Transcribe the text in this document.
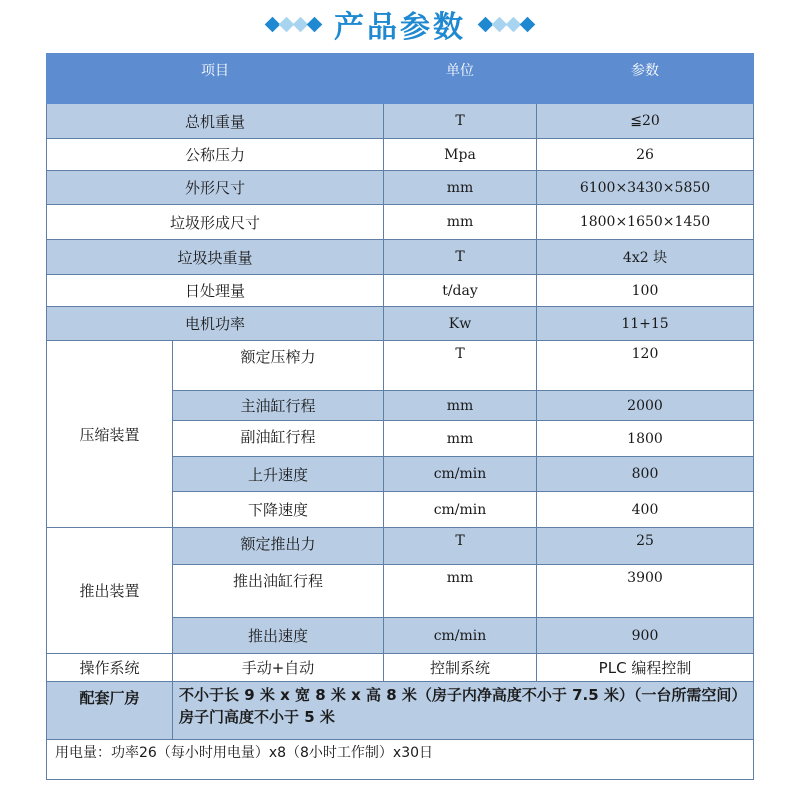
产品参数
项目		单位	参数
总机重量		T	≦20
公称压力		Mpa	26
外形尺寸		mm	6100×3430×5850
垃圾形成尺寸		mm	1800×1650×1450
垃圾块重量		T	4x2 块
日处理量		t/day	100
电机功率		Kw	11+15
压缩装置	额定压榨力	T	120
	主油缸行程	mm	2000
	副油缸行程	mm	1800
	上升速度	cm/min	800
	下降速度	cm/min	400
推出装置	额定推出力	T	25
	推出油缸行程	mm	3900
	推出速度	cm/min	900
操作系统	手动+自动	控制系统	PLC 编程控制
配套厂房	不小于长 9 米 x 宽 8 米 x 高 8 米（房子内净高度不小于 7.5 米）（一台所需空间）房子门高度不小于 5 米		
用电量：功率26（每小时用电量）x8（8小时工作制）x30日			
